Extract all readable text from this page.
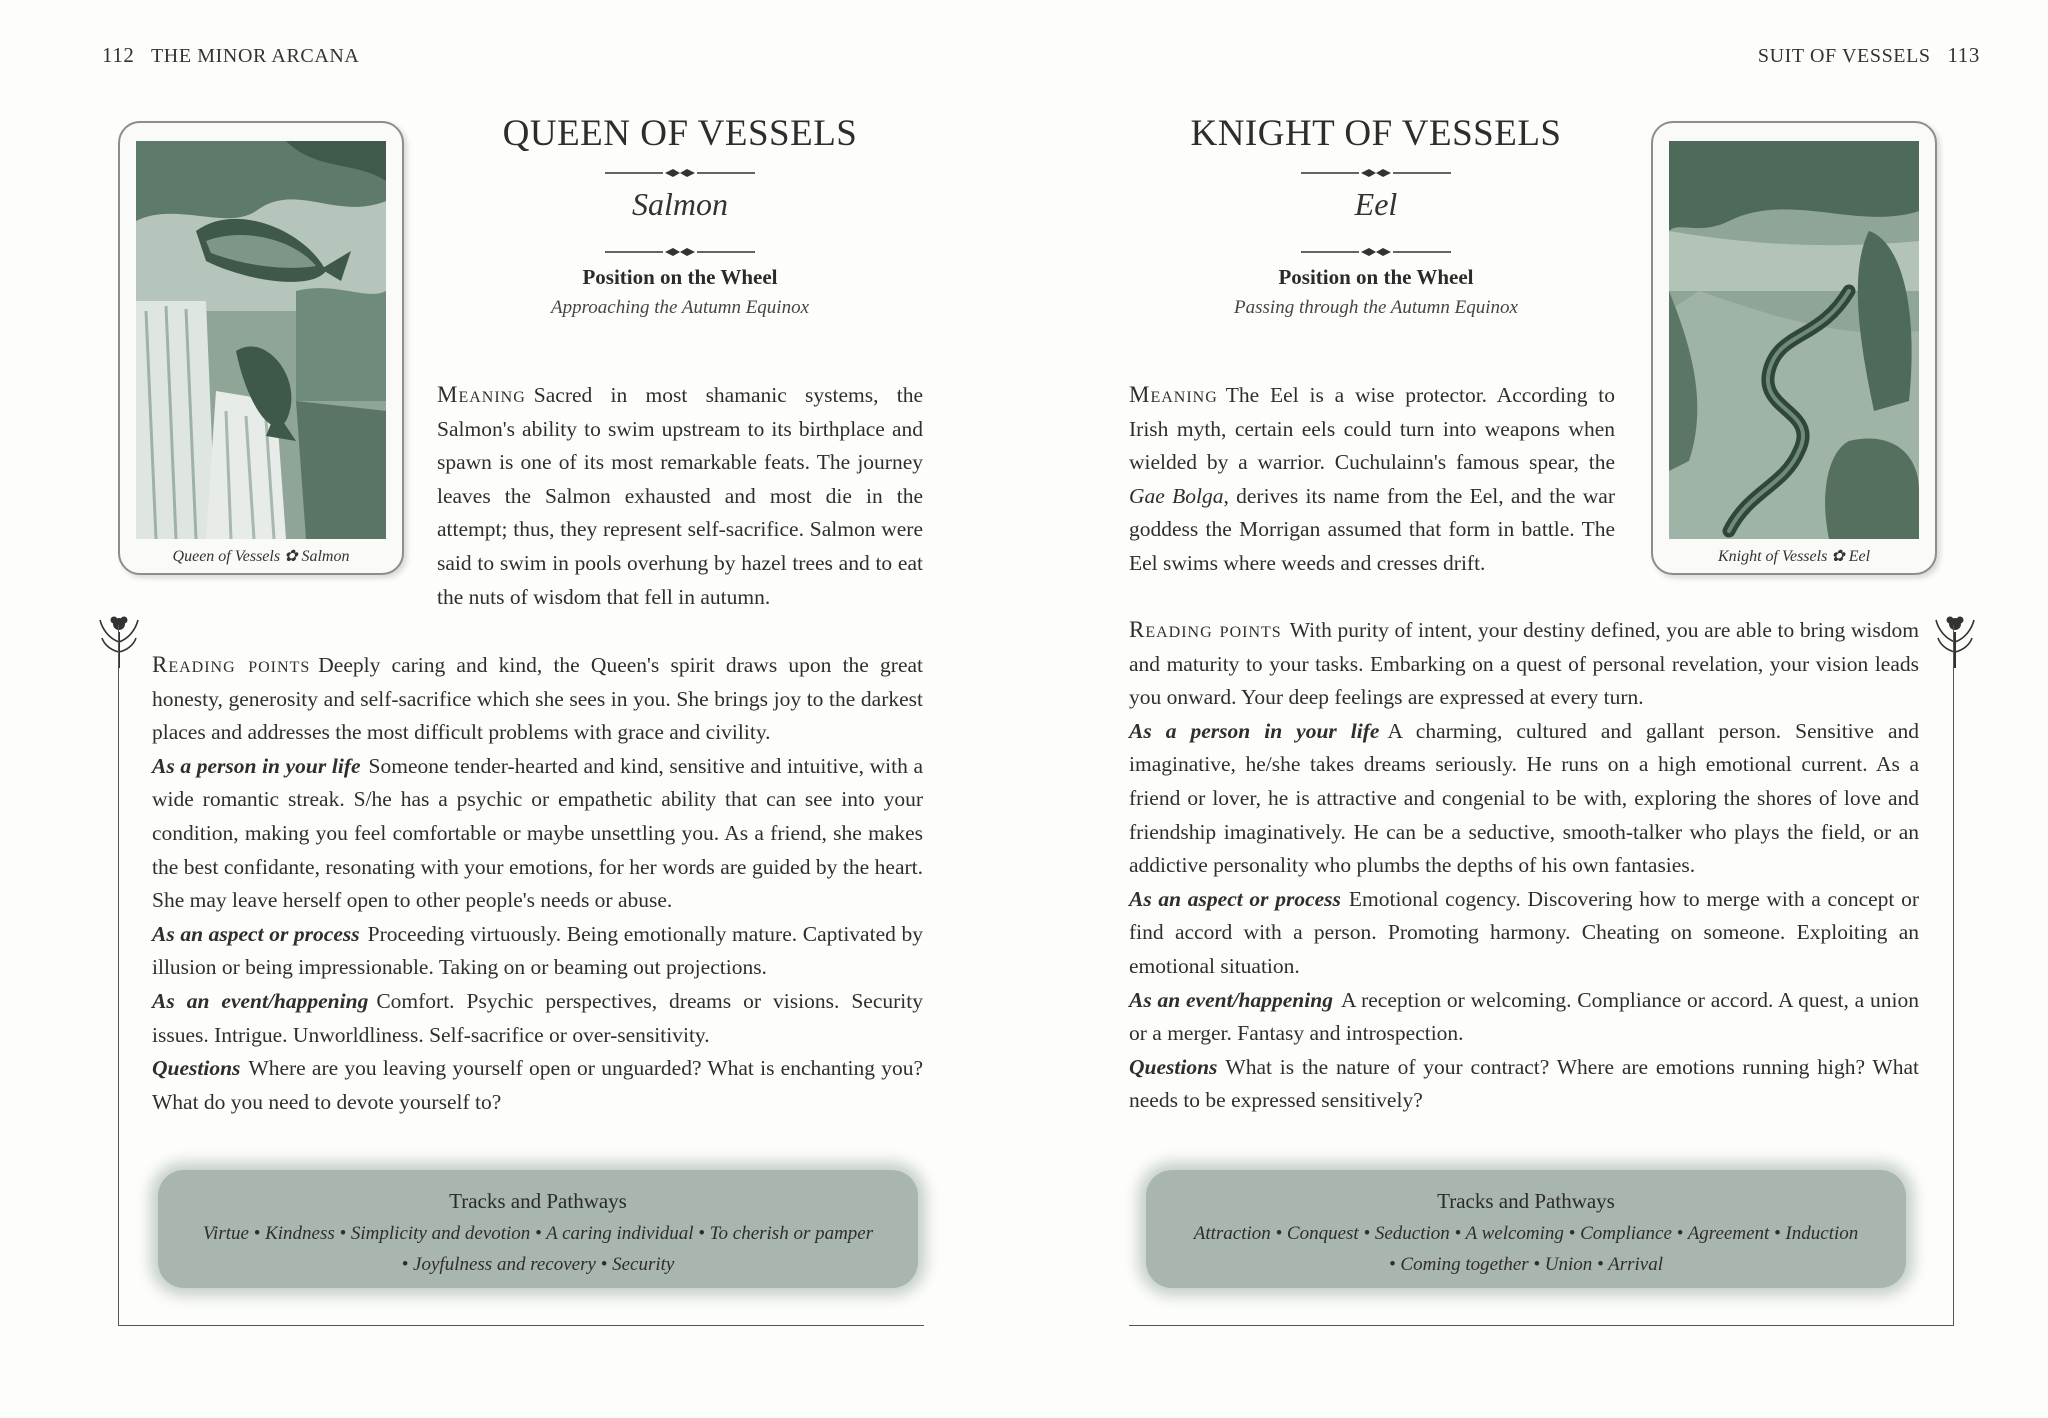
112 THE MINOR ARCANA
Queen of Vessels ✿ Salmon
QUEEN OF VESSELS
Salmon
Position on the Wheel
Approaching the Autumn Equinox
Meaning Sacred in most shamanic systems, the Salmon's ability to swim upstream to its birthplace and spawn is one of its most remarkable feats. The journey leaves the Salmon exhausted and most die in the attempt; thus, they represent self-sacrifice. Salmon were said to swim in pools overhung by hazel trees and to eat the nuts of wisdom that fell in autumn.
Reading points Deeply caring and kind, the Queen's spirit draws upon the great honesty, generosity and self-sacrifice which she sees in you. She brings joy to the darkest places and addresses the most difficult problems with grace and civility.
As a person in your life Someone tender-hearted and kind, sensitive and intuitive, with a wide romantic streak. S/he has a psychic or empathetic ability that can see into your condition, making you feel comfortable or maybe unsettling you. As a friend, she makes the best confidante, resonating with your emotions, for her words are guided by the heart. She may leave herself open to other people's needs or abuse.
As an aspect or process Proceeding virtuously. Being emotionally mature. Captivated by illusion or being impressionable. Taking on or beaming out projections.
As an event/happening Comfort. Psychic perspectives, dreams or visions. Security issues. Intrigue. Unworldliness. Self-sacrifice or over-sensitivity.
Questions Where are you leaving yourself open or unguarded? What is enchanting you? What do you need to devote yourself to?
Tracks and Pathways
Virtue • Kindness • Simplicity and devotion • A caring individual • To cherish or pamper
• Joyfulness and recovery • Security
SUIT OF VESSELS 113
KNIGHT OF VESSELS
Eel
Position on the Wheel
Passing through the Autumn Equinox
Knight of Vessels ✿ Eel
Meaning The Eel is a wise protector. According to Irish myth, certain eels could turn into weapons when wielded by a warrior. Cuchulainn's famous spear, the Gae Bolga, derives its name from the Eel, and the war goddess the Morrigan assumed that form in battle. The Eel swims where weeds and cresses drift.
Reading points With purity of intent, your destiny defined, you are able to bring wisdom and maturity to your tasks. Embarking on a quest of personal revelation, your vision leads you onward. Your deep feelings are expressed at every turn.
As a person in your life A charming, cultured and gallant person. Sensitive and imaginative, he/she takes dreams seriously. He runs on a high emotional current. As a friend or lover, he is attractive and congenial to be with, exploring the shores of love and friendship imaginatively. He can be a seductive, smooth-talker who plays the field, or an addictive personality who plumbs the depths of his own fantasies.
As an aspect or process Emotional cogency. Discovering how to merge with a concept or find accord with a person. Promoting harmony. Cheating on someone. Exploiting an emotional situation.
As an event/happening A reception or welcoming. Compliance or accord. A quest, a union or a merger. Fantasy and introspection.
Questions What is the nature of your contract? Where are emotions running high? What needs to be expressed sensitively?
Tracks and Pathways
Attraction • Conquest • Seduction • A welcoming • Compliance • Agreement • Induction
• Coming together • Union • Arrival
